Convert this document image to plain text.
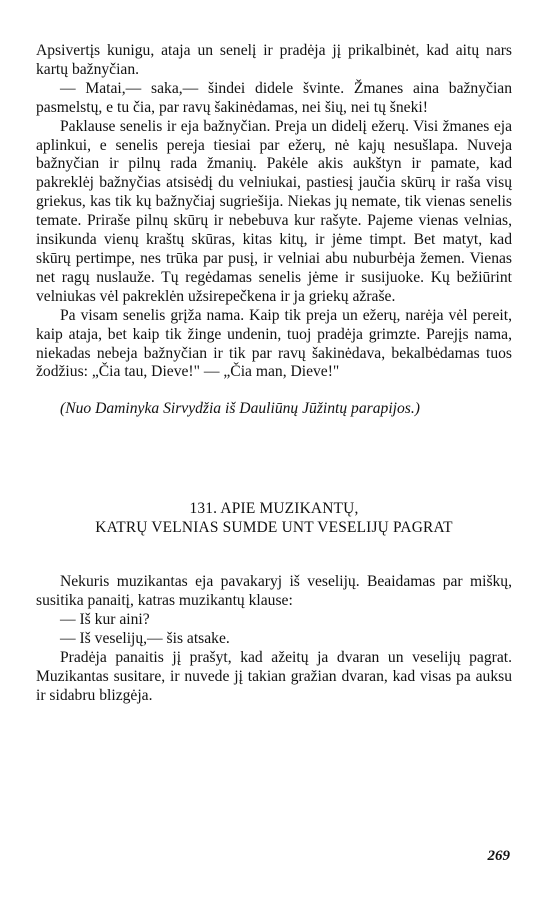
Apsivertįs kunigu, ataja un senelį ir pradėja jį prikalbinėt, kad aitų nars kartų bažnyčian.

— Matai,— saka,— šindei didele švinte. Žmanes aina bažnyčian pasmelstų, e tu čia, par ravų šakinėdamas, nei šių, nei tų šneki!

Paklause senelis ir eja bažnyčian. Preja un didelį ežerų. Visi žmanes eja aplinkui, e senelis pereja tiesiai par ežerų, nė kajų nesušlapa. Nuveja bažnyčian ir pilnų rada žmanių. Pakėle akis aukštyn ir pamate, kad pakreklėj bažnyčias atsisėdį du velniukai, pastiesį jaučia skūrų ir raša visų griekus, kas tik kų bažnyčiaj sugriešija. Niekas jų nemate, tik vienas senelis temate. Priraše pilnų skūrų ir nebebuva kur rašyte. Pajeme vienas velnias, insikunda vienų kraštų skūras, kitas kitų, ir jėme timpt. Bet matyt, kad skūrų pertimpe, nes trūka par pusį, ir velniai abu nuburbėja žemen. Vienas net ragų nuslauže. Tų regėdamas senelis jėme ir susijuoke. Kų bežiūrint velniukas vėl pakreklėn užsirepečkena ir ja griekų ažraše.

Pa visam senelis grįža nama. Kaip tik preja un ežerų, narėja vėl pereit, kaip ataja, bet kaip tik žinge undenin, tuoj pradėja grimzte. Parejįs nama, niekadas nebeja bažnyčian ir tik par ravų šakinėdava, bekalbėdamas tuos žodžius: „Čia tau, Dieve!" — „Čia man, Dieve!"

(Nuo Daminyka Sirvydžia iš Dauliūnų Jūžintų parapijos.)

131. APIE MUZIKANTŲ,
KATRŲ VELNIAS SUMDE UNT VESELIJŲ PAGRAT

Nekuris muzikantas eja pavakaryj iš veselijų. Beaidamas par miškų, susitika panaitį, katras muzikantų klause:

— Iš kur aini?

— Iš veselijų,— šis atsake.

Pradėja panaitis jį prašyt, kad ažeitų ja dvaran un veselijų pagrat. Muzikantas susitare, ir nuvede jį takian gražian dvaran, kad visas pa auksu ir sidabru blizgėja.

269
